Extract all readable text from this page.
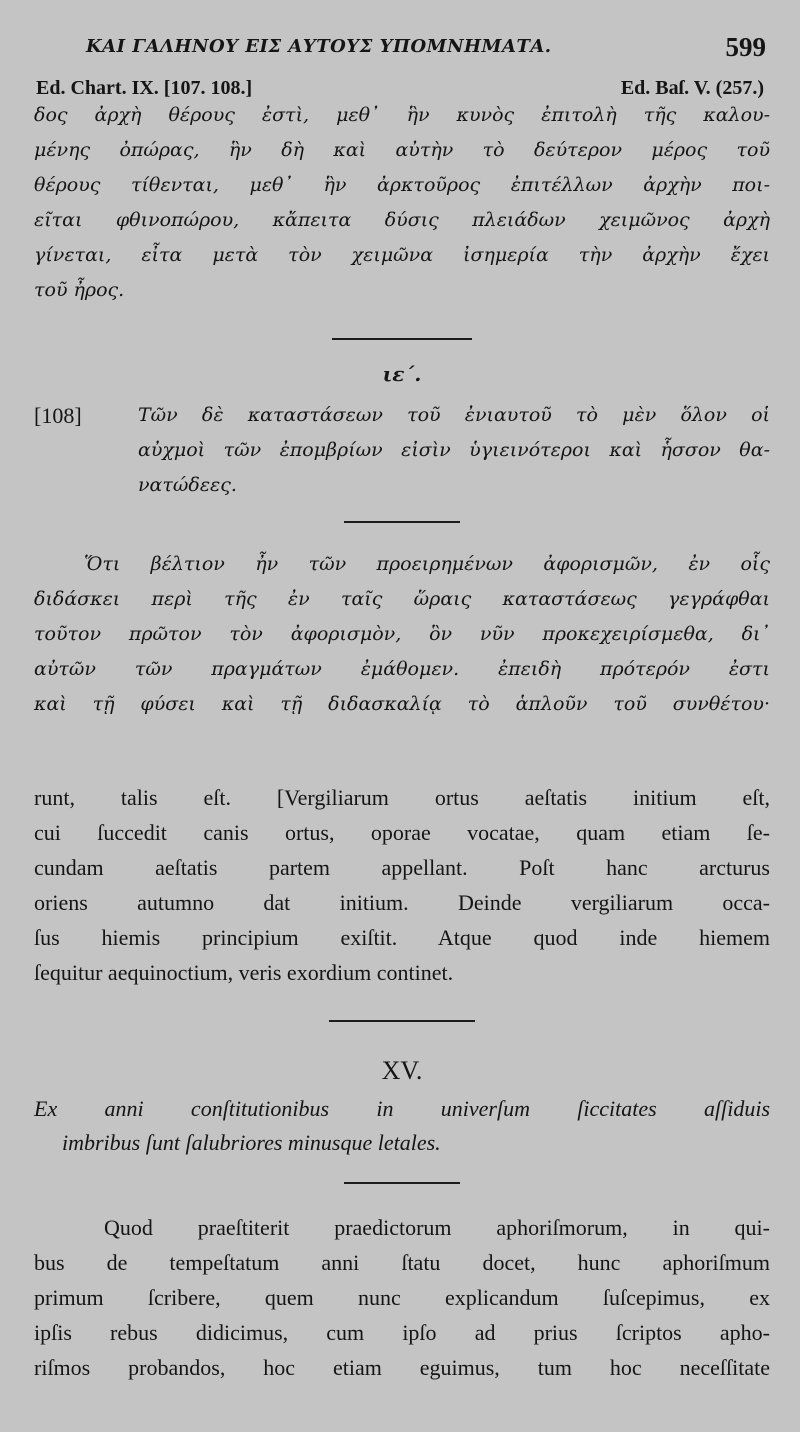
ΚΑΙ ΓΑΛΗΝΟΥ ΕΙΣ ΑΥΤΟΥΣ ΥΠΟΜΝΗΜΑΤΑ.	599
Ed. Chart. IX. [107. 108.]	Ed. Baſ. V. (257.)

δος ἀρχὴ θέρους ἐστὶ, μεθ᾽ ἣν κυνὸς ἐπιτολὴ τῆς καλου-
μένης ὀπώρας, ἣν δὴ καὶ αὐτὴν τὸ δεύτερον μέρος τοῦ
θέρους τίθενται, μεθ᾽ ἣν ἀρκτοῦρος ἐπιτέλλων ἀρχὴν ποι-
εῖται φθινοπώρου, κἄπειτα δύσις πλειάδων χειμῶνος ἀρχὴ
γίνεται, εἶτα μετὰ τὸν χειμῶνα ἰσημερία τὴν ἀρχὴν ἔχει
τοῦ ἦρος.

ιε΄.
[108]	Τῶν δὲ καταστάσεων τοῦ ἐνιαυτοῦ τὸ μὲν ὅλον οἱ
αὐχμοὶ τῶν ἐπομβρίων εἰσὶν ὑγιεινότεροι καὶ ἧσσον θα-
νατώδεες.

Ὅτι βέλτιον ἦν τῶν προειρημένων ἀφορισμῶν, ἐν οἷς
διδάσκει περὶ τῆς ἐν ταῖς ὥραις καταστάσεως γεγράφθαι
τοῦτον πρῶτον τὸν ἀφορισμὸν, ὃν νῦν προκεχειρίσμεθα, δι᾽
αὐτῶν τῶν πραγμάτων ἐμάθομεν. ἐπειδὴ πρότερόν ἐστι
καὶ τῇ φύσει καὶ τῇ διδασκαλίᾳ τὸ ἁπλοῦν τοῦ συνθέτου·

runt, talis eſt. [Vergiliarum ortus aeſtatis initium eſt,
cui ſuccedit canis ortus, oporae vocatae, quam etiam ſe-
cundam aeſtatis partem appellant. Poſt hanc arcturus
oriens autumno dat initium. Deinde vergiliarum occa-
ſus hiemis principium exiſtit. Atque quod inde hiemem
ſequitur aequinoctium, veris exordium continet.

XV.

Ex anni conſtitutionibus in univerſum ſiccitates aſſiduis
imbribus ſunt ſalubriores minusque letales.

Quod praeſtiterit praedictorum aphoriſmorum, in qui-
bus de tempeſtatum anni ſtatu docet, hunc aphoriſmum
primum ſcribere, quem nunc explicandum ſuſcepimus, ex
ipſis rebus didicimus, cum ipſo ad prius ſcriptos apho-
riſmos probandos, hoc etiam eguimus, tum hoc neceſſitate
